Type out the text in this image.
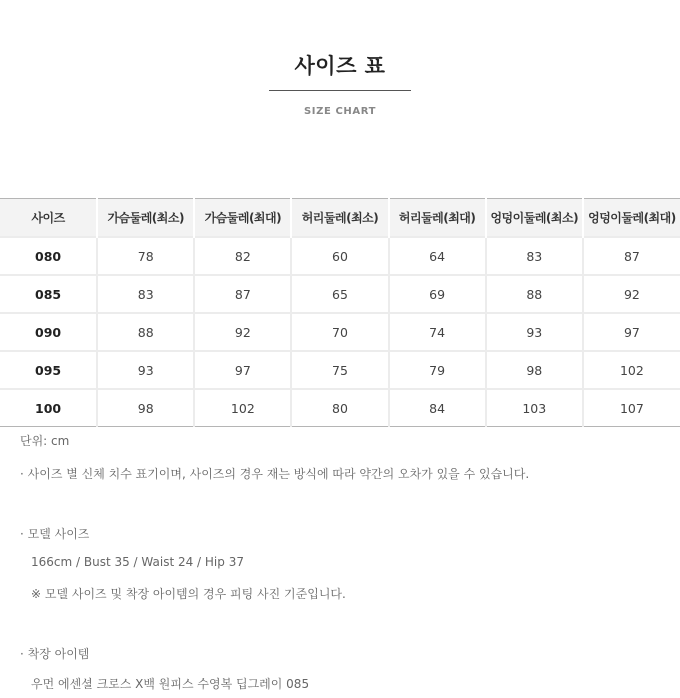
사이즈 표
SIZE CHART
사이즈	가슴둘레(최소)	가슴둘레(최대)	허리둘레(최소)	허리둘레(최대)	엉덩이둘레(최소)	엉덩이둘레(최대)
080	78	82	60	64	83	87
085	83	87	65	69	88	92
090	88	92	70	74	93	97
095	93	97	75	79	98	102
100	98	102	80	84	103	107
단위: cm
· 사이즈 별 신체 치수 표기이며, 사이즈의 경우 재는 방식에 따라 약간의 오차가 있을 수 있습니다.
· 모델 사이즈
166cm / Bust 35 / Waist 24 / Hip 37
※ 모델 사이즈 및 착장 아이템의 경우 피팅 사진 기준입니다.
· 착장 아이템
우먼 에센셜 크로스 X백 원피스 수영복 딥그레이 085
